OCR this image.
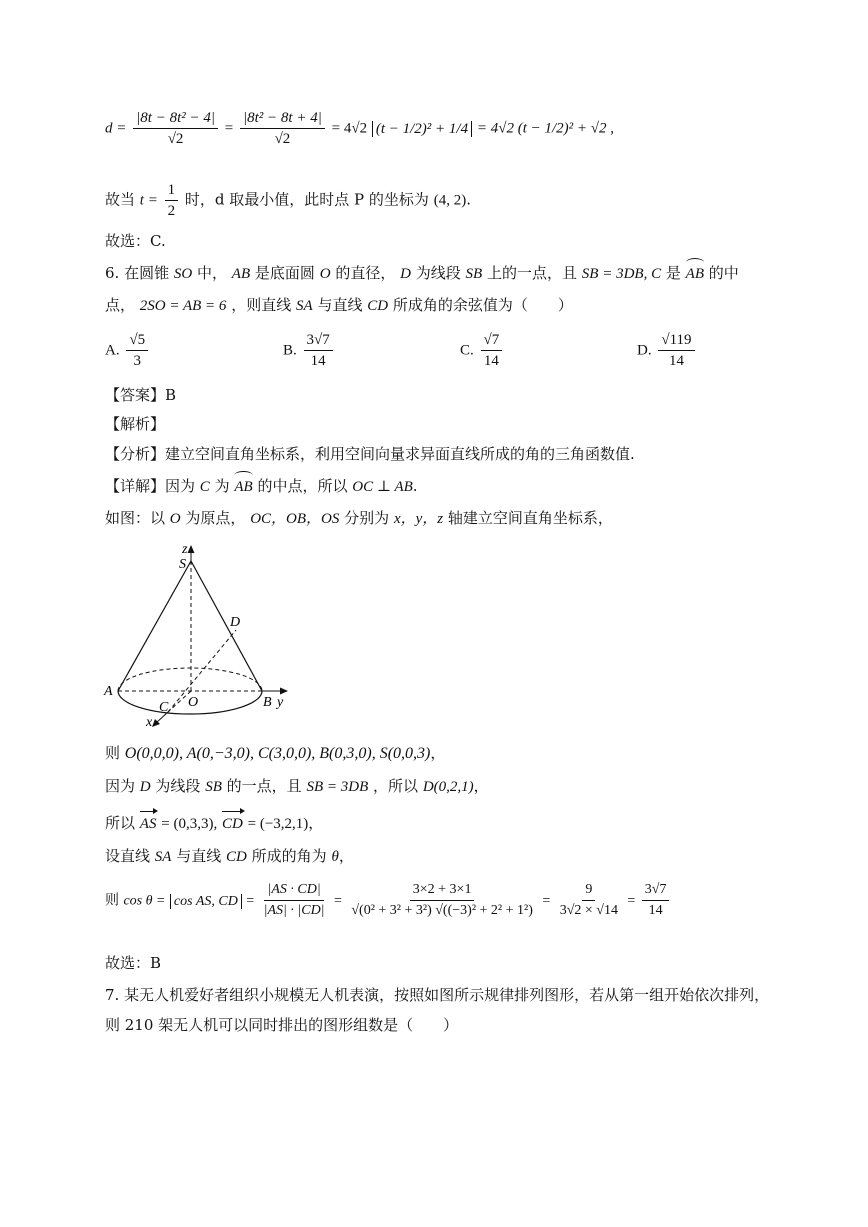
$d = \frac{\text{|8t − 8t² − 4|}}{√2} = \frac{\text{|8t² − 8t + 4|}}{√2} = 4√2$ (t − 1/2)² + 1/4 = 4√2 (t − 1/2)² + √2 ,
故当 $t = \frac{1}{2}$ 时，d 取最小值，此时点 P 的坐标为 (4, 2).
故选：C.
6. 在圆锥 SO 中， AB 是底面圆 O 的直径， D 为线段 SB 上的一点，且 SB = 3DB, C 是 AB 的中
点， 2SO = AB = 6 ，则直线 SA 与直线 CD 所成角的余弦值为（　　）
A. $\frac{√5}{3}$	B. $\frac{3√7}{14}$	C. $\frac{√7}{14}$	D. $\frac{√119}{14}$
【答案】B
【解析】
【分析】建立空间直角坐标系，利用空间向量求异面直线所成的角的三角函数值.
【详解】因为 C 为 AB 的中点，所以 OC ⊥ AB.
如图：以 O 为原点， OC，OB，OS 分别为 x，y，z 轴建立空间直角坐标系，
z
S
D
A
O	B y
C
x
则 O(0,0,0), A(0,−3,0), C(3,0,0), B(0,3,0), S(0,0,3)，
因为 D 为线段 SB 的一点，且 SB = 3DB ，所以 D(0,2,1)，
所以 AS = (0,3,3), CD = (−3,2,1)，
设直线 SA 与直线 CD 所成的角为 θ，
则 cos θ = cos AS, CD = $\frac{|AS \cdot CD|}{|AS| \cdot |CD|} = \frac{3\times 2 + 3\times 1}{\text{√(0² + 3² + 3²) √((−3)² + 2² + 1²)}} = \frac{9}{3√2 \times √14} = \frac{3√7}{14}$
故选：B
7. 某无人机爱好者组织小规模无人机表演，按照如图所示规律排列图形，若从第一组开始依次排列，
则 210 架无人机可以同时排出的图形组数是（　　）
